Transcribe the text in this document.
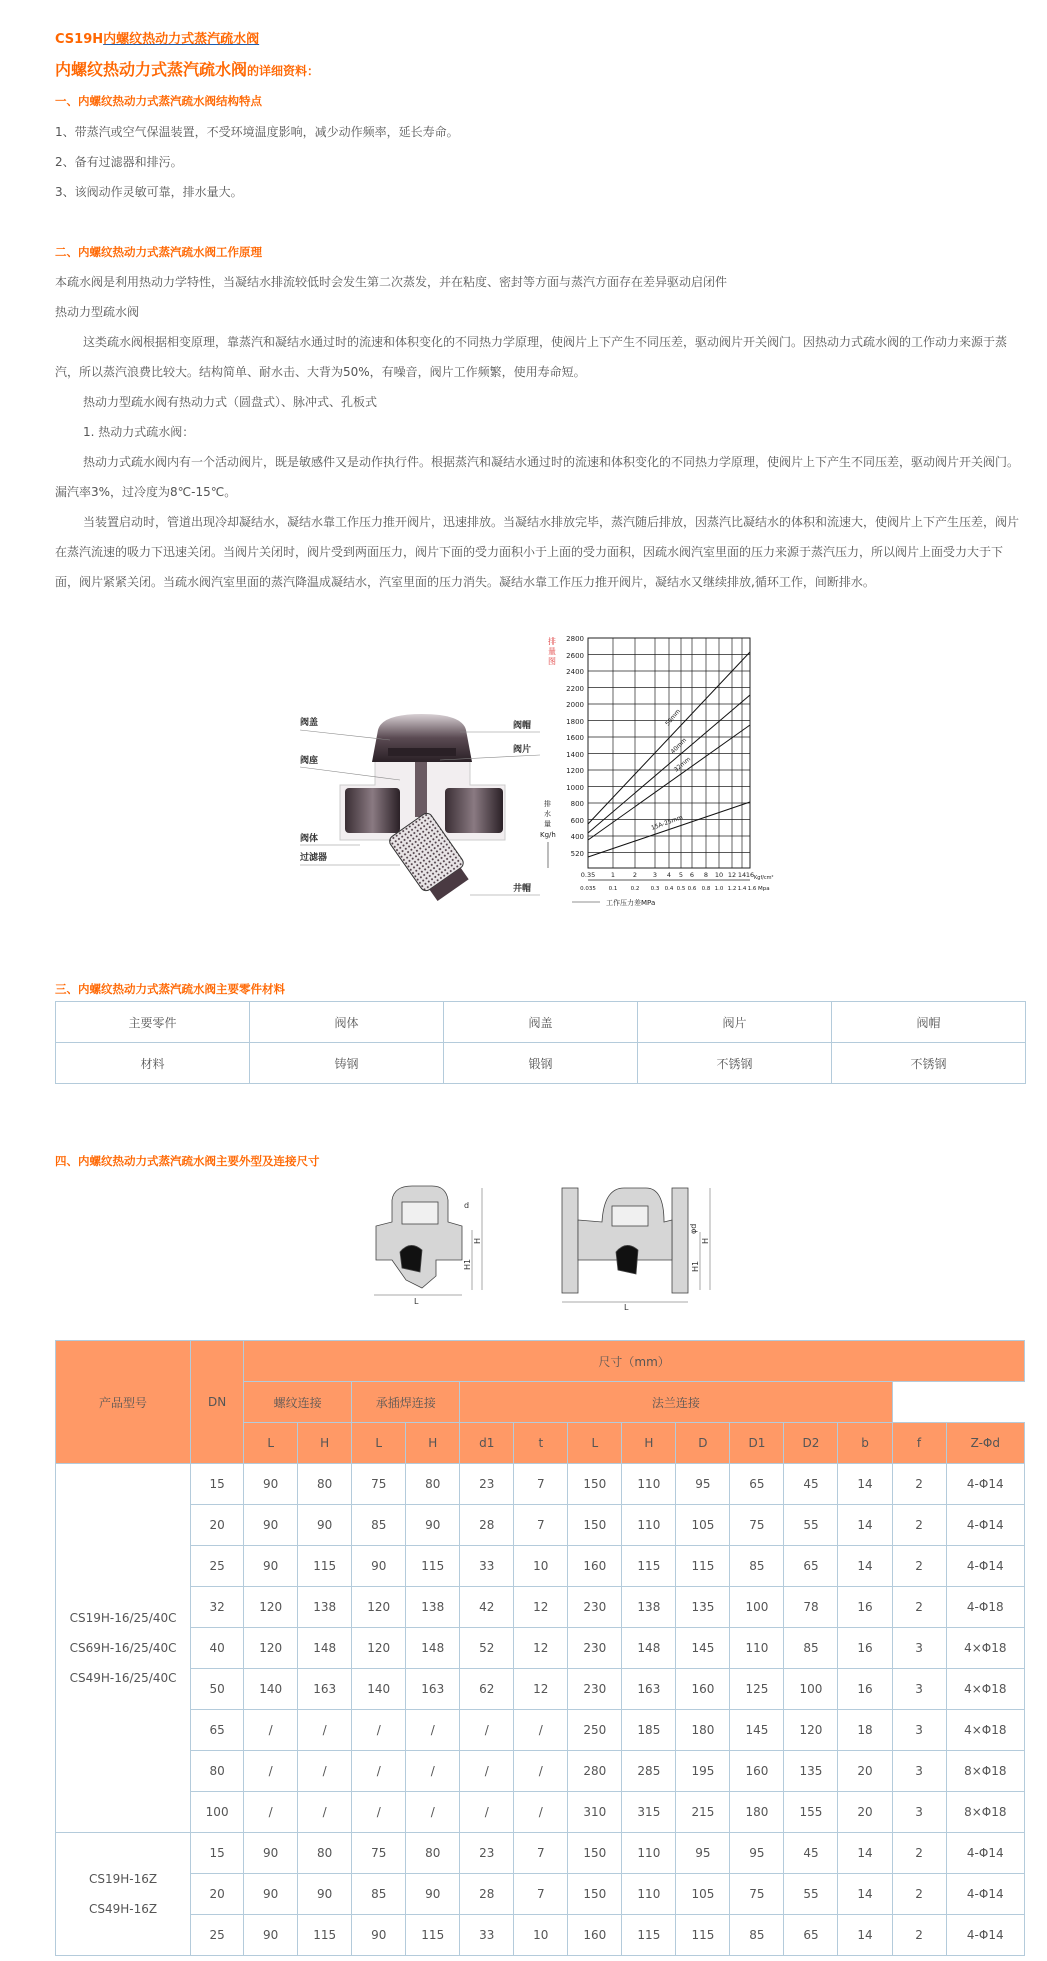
CS19H内螺纹热动力式蒸汽疏水阀
内螺纹热动力式蒸汽疏水阀的详细资料：
一、内螺纹热动力式蒸汽疏水阀结构特点
1、带蒸汽或空气保温装置，不受环境温度影响，减少动作频率，延长寿命。
2、备有过滤器和排污。
3、该阀动作灵敏可靠，排水量大。
二、内螺纹热动力式蒸汽疏水阀工作原理
本疏水阀是利用热动力学特性，当凝结水排流较低时会发生第二次蒸发，并在粘度、密封等方面与蒸汽方面存在差异驱动启闭件
热动力型疏水阀
这类疏水阀根据相变原理，靠蒸汽和凝结水通过时的流速和体积变化的不同热力学原理，使阀片上下产生不同压差，驱动阀片开关阀门。因热动力式疏水阀的工作动力来源于蒸汽，所以蒸汽浪费比较大。结构简单、耐水击、大背为50%，有噪音，阀片工作频繁，使用寿命短。
热动力型疏水阀有热动力式（圆盘式）、脉冲式、孔板式
1. 热动力式疏水阀：
热动力式疏水阀内有一个活动阀片，既是敏感件又是动作执行件。根据蒸汽和凝结水通过时的流速和体积变化的不同热力学原理，使阀片上下产生不同压差，驱动阀片开关阀门。漏汽率3%，过冷度为8℃-15℃。
当装置启动时，管道出现冷却凝结水，凝结水靠工作压力推开阀片，迅速排放。当凝结水排放完毕，蒸汽随后排放，因蒸汽比凝结水的体积和流速大，使阀片上下产生压差，阀片在蒸汽流速的吸力下迅速关闭。当阀片关闭时，阀片受到两面压力，阀片下面的受力面积小于上面的受力面积，因疏水阀汽室里面的压力来源于蒸汽压力，所以阀片上面受力大于下面，阀片紧紧关闭。当疏水阀汽室里面的蒸汽降温成凝结水，汽室里面的压力消失。凝结水靠工作压力推开阀片，凝结水又继续排放,循环工作，间断排水。
阀盖
阀座
阀体
过滤器
阀帽
阀片
井帽
排
量
图
50mm
40mm
32mm
15A-25mm
2800
2600
2400
2200
2000
1800
1600
1400
1200
1000
800
600
400
520
排
水
量
Kg/h
0.35 1	2 3 4 5 6 8 10 12 14 16 Kgf/cm²
0.035 0.1 0.2 0.3 0.4 0.5 0.6 0.8 1.0 1.2 1.4 1.6 Mpa
工作压力差MPa
三、内螺纹热动力式蒸汽疏水阀主要零件材料
主要零件	阀体	阀盖	阀片	阀帽
材料	铸钢	锻钢	不锈钢	不锈钢
四、内螺纹热动力式蒸汽疏水阀主要外型及连接尺寸
L
d
H
H1
L
φd
H
H1
产品型号	DN	尺寸（mm）													
		螺纹连接		承插焊连接		法兰连接									
		L	H	L	H	d1	t	L	H	D	D1	D2	b	f	Z-Φd

CS19H-16/25/40C
CS69H-16/25/40C
CS49H-16/25/40C	15	90	80	75	80	23	7	150	110	95	65	45	14	2	4-Φ14
	20	90	90	85	90	28	7	150	110	105	75	55	14	2	4-Φ14
	25	90	115	90	115	33	10	160	115	115	85	65	14	2	4-Φ14
	32	120	138	120	138	42	12	230	138	135	100	78	16	2	4-Φ18
	40	120	148	120	148	52	12	230	148	145	110	85	16	3	4×Φ18
	50	140	163	140	163	62	12	230	163	160	125	100	16	3	4×Φ18
	65	/	/	/	/	/	/	250	185	180	145	120	18	3	4×Φ18
	80	/	/	/	/	/	/	280	285	195	160	135	20	3	8×Φ18
	100	/	/	/	/	/	/	310	315	215	180	155	20	3	8×Φ18

CS19H-16Z
CS49H-16Z	15	90	80	75	80	23	7	150	110	95	95	45	14	2	4-Φ14
	20	90	90	85	90	28	7	150	110	105	75	55	14	2	4-Φ14
	25	90	115	90	115	33	10	160	115	115	85	65	14	2	4-Φ14
